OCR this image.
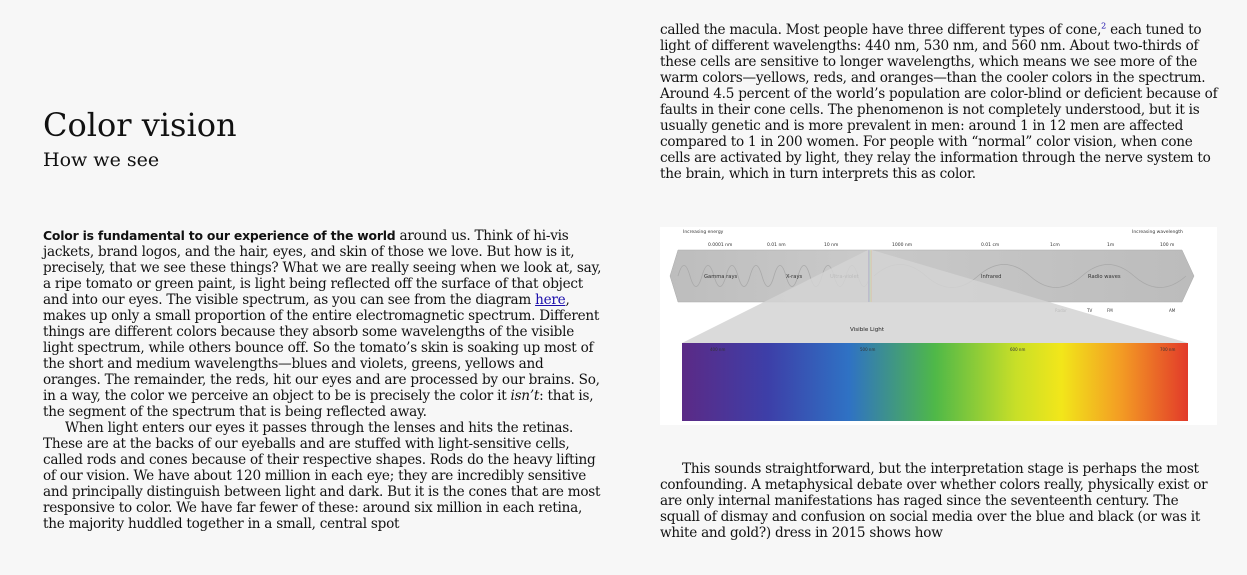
Color vision
How we see

Color is fundamental to our experience of the world around us. Think of hi-vis jackets, brand logos, and the hair, eyes, and skin of those we love. But how is it, precisely, that we see these things? What we are really seeing when we look at, say, a ripe tomato or green paint, is light being reflected off the surface of that object and into our eyes. The visible spectrum, as you can see from the diagram here, makes up only a small proportion of the entire electromagnetic spectrum. Different things are different colors because they absorb some wavelengths of the visible light spectrum, while others bounce off. So the tomato’s skin is soaking up most of the short and medium wavelengths—blues and violets, greens, yellows and oranges. The remainder, the reds, hit our eyes and are processed by our brains. So, in a way, the color we perceive an object to be is precisely the color it isn’t: that is, the segment of the spectrum that is being reflected away.

When light enters our eyes it passes through the lenses and hits the retinas. These are at the backs of our eyeballs and are stuffed with light-sensitive cells, called rods and cones because of their respective shapes. Rods do the heavy lifting of our vision. We have about 120 million in each eye; they are incredibly sensitive and principally distinguish between light and dark. But it is the cones that are most responsive to color. We have far fewer of these: around six million in each retina, the majority huddled together in a small, central spot

called the macula. Most people have three different types of cone,$^2$ each tuned to light of different wavelengths: 440 nm, 530 nm, and 560 nm. About two-thirds of these cells are sensitive to longer wavelengths, which means we see more of the warm colors—yellows, reds, and oranges—than the cooler colors in the spectrum. Around 4.5 percent of the world’s population are color-blind or deficient because of faults in their cone cells. The phenomenon is not completely understood, but it is usually genetic and is more prevalent in men: around 1 in 12 men are affected compared to 1 in 200 women. For people with “normal” color vision, when cone cells are activated by light, they relay the information through the nerve system to the brain, which in turn interprets this as color.

Increasing energy	Increasing wavelength
0.0001 nm	0.01 nm	10 nm	1000 nm	0.01 cm	1cm	1m	100 m
Gamma rays	X-rays	Infrared	Radio waves
TV	FM	AM
Visible Light
400 nm	500 nm	600 nm	700 nm

This sounds straightforward, but the interpretation stage is perhaps the most confounding. A metaphysical debate over whether colors really, physically exist or are only internal manifestations has raged since the seventeenth century. The squall of dismay and confusion on social media over the blue and black (or was it white and gold?) dress in 2015 shows how
